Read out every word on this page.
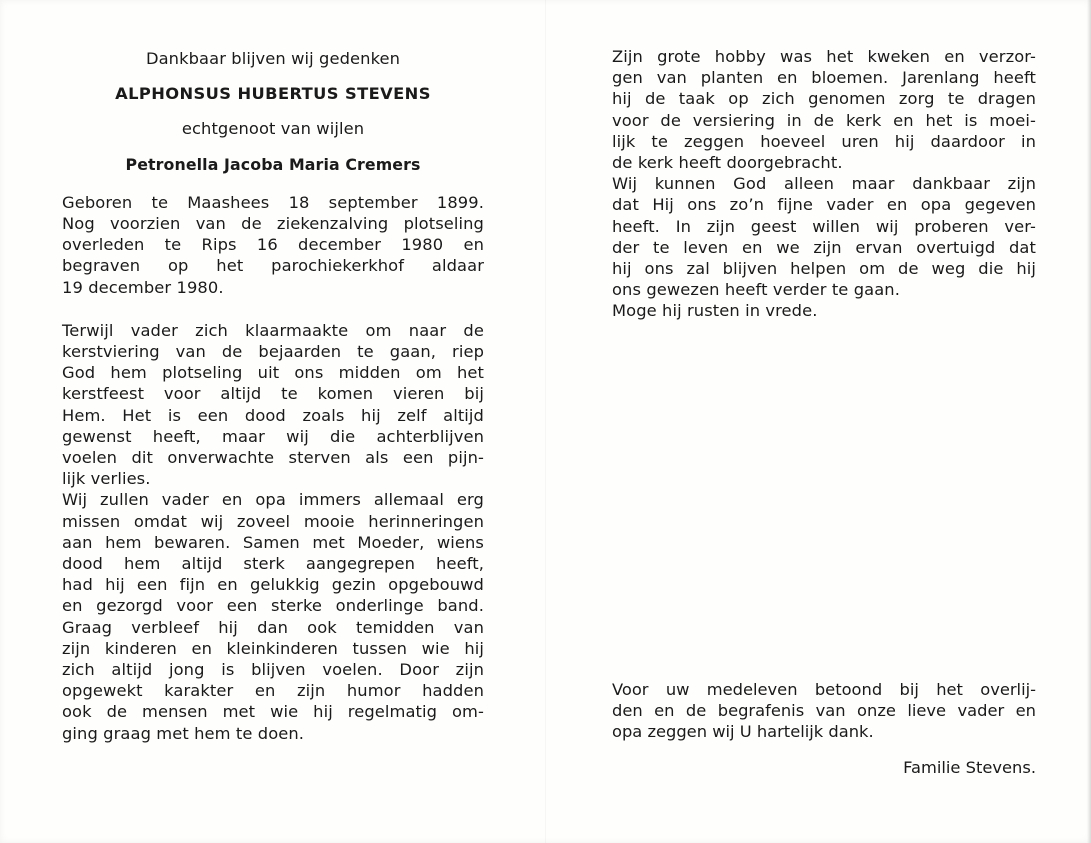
Dankbaar blijven wij gedenken
ALPHONSUS HUBERTUS STEVENS
echtgenoot van wijlen
Petronella Jacoba Maria Cremers
Geboren te Maashees 18 september 1899.
Nog voorzien van de ziekenzalving plotseling
overleden te Rips 16 december 1980 en
begraven op het parochiekerkhof aldaar
19 december 1980.
Terwijl vader zich klaarmaakte om naar de
kerstviering van de bejaarden te gaan, riep
God hem plotseling uit ons midden om het
kerstfeest voor altijd te komen vieren bij
Hem. Het is een dood zoals hij zelf altijd
gewenst heeft, maar wij die achterblijven
voelen dit onverwachte sterven als een pijn-
lijk verlies.
Wij zullen vader en opa immers allemaal erg
missen omdat wij zoveel mooie herinneringen
aan hem bewaren. Samen met Moeder, wiens
dood hem altijd sterk aangegrepen heeft,
had hij een fijn en gelukkig gezin opgebouwd
en gezorgd voor een sterke onderlinge band.
Graag verbleef hij dan ook temidden van
zijn kinderen en kleinkinderen tussen wie hij
zich altijd jong is blijven voelen. Door zijn
opgewekt karakter en zijn humor hadden
ook de mensen met wie hij regelmatig om-
ging graag met hem te doen.
Zijn grote hobby was het kweken en verzor-
gen van planten en bloemen. Jarenlang heeft
hij de taak op zich genomen zorg te dragen
voor de versiering in de kerk en het is moei-
lijk te zeggen hoeveel uren hij daardoor in
de kerk heeft doorgebracht.
Wij kunnen God alleen maar dankbaar zijn
dat Hij ons zo’n fijne vader en opa gegeven
heeft. In zijn geest willen wij proberen ver-
der te leven en we zijn ervan overtuigd dat
hij ons zal blijven helpen om de weg die hij
ons gewezen heeft verder te gaan.
Moge hij rusten in vrede.
Voor uw medeleven betoond bij het overlij-
den en de begrafenis van onze lieve vader en
opa zeggen wij U hartelijk dank.
Familie Stevens.
